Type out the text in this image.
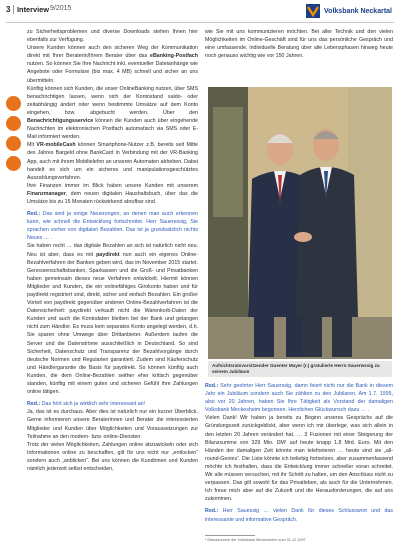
3 Interview 9/2015	Volksbank Neckartal

zu Sicherheitsproblemen und diverse Downloads stehen Ihnen hier ebenfalls zur Verfügung.

Unsere Kunden können auch den sicheren Weg der Kommunikation direkt mit Ihrer Beraterin/Ihrem Berater über das eBanking-Postfach nutzen. So können Sie Ihre Nachricht inkl. eventueller Dateianhänge wie Angebote oder Formulare (bis max. 4 MB) schnell und sicher an uns übermitteln.

Künftig können sich Kunden, die unser OnlineBanking nutzen, über SMS benachrichtigen lassen, wenn sich der Kontostand saldo- oder zeitabhängig ändert oder wenn bestimmte Umsätze auf dem Konto eingehen, bzw. abgebucht werden. Über den Benachrichtigungsservice können die Kunden auch über eingehende Nachrichten im elektronischen Postfach automatisch via SMS oder E-Mail informiert werden.

Mit VR-mobileCash können Smartphone-Nutzer z.B. bereits seit Mitte des Jahres Bargeld ohne BankCard in Verbindung mit der VR-Banking App, auch mit ihrem Mobiltelefon an unseren Automaten abheben. Dabei handelt es sich um ein sicheres und manipulationsgeschütztes Auszahlungsverfahren.

Ihre Finanzen immer im Blick haben unsere Kunden mit unserem Finanzmanager, dem neuen digitalen Haushaltsbuch, über das die Umsätze bis zu 15 Monaten rückwirkend abrufbar sind.

Red.: Das sind ja einige Neuerungen, an denen man auch erkennen kann, wie schnell die Entwicklung fortschreitet. Herr Saueressig, Sie sprachen vorher von digitalen Bezahlen. Das ist ja grundsätzlich nichts Neues … .

Sie haben recht … das digitale Bezahlen an sich ist natürlich nicht neu. Neu ist aber, dass es mit paydirekt nun auch ein eigenes Online-Bezahlverfahren der Banken geben wird, das im November 2015 startet. Genossenschaftsbanken, Sparkassen und die Groß- und Privatbanken haben gemeinsam dieses neue Verfahren entwickelt. Hiermit können Mitglieder und Kunden, die ein onlinefähiges Girokonto haben und für paydirekt registriert sind, direkt, sicher und einfach Bezahlen. Ein großer Vorteil von paydirekt gegenüber anderen Online-Bezahlverfahren ist die Datensicherheit: paydirekt verkauft nicht die Warenkorb-Daten der Kunden und auch die Kontodaten bleiben bei der Bank und gelangen nicht zum Händler. Es muss kein separates Konto angelegt werden, d.h. Sie sparen ohne Umwege über Drittanbieter. Außerdem laufen die Server und die Datenströme ausschließlich in Deutschland. So sind Sicherheit, Datenschutz und Transparenz der Bezahlvorgänge durch deutsche Normen und Regularien garantiert. Zudem sind Käuferschutz und Händlergarantie die Basis für paydirekt. So können künftig auch Kunden, die dem Online-Bezahlen seither eher kritisch gegenüber standen, künftig mit einem guten und sicheren Gefühl ihre Zahlungen online tätigen.

Red.: Das hört sich ja wirklich sehr interessant an!

Ja, das ist es durchaus. Aber dies ist natürlich nur ein kurzer Überblick. Gerne informieren unsere Beraterinnen und Berater die interessierten Mitglieder und Kunden über Möglichkeiten und Voraussetzungen zur Teilnahme an den modern- bzw. online-Diensten.

Trotz der vielen Möglichkeiten, Zahlungen online abzuwickeln oder sich Informationen online zu beschaffen, gilt für uns nicht nur „entlocken“ sondern auch „anblicken“. Bei uns können die Kundinnen und Kunden nämlich jederzeit selbst entscheiden,

wie Sie mit uns kommunizieren möchten. Bei aller Technik und den vielen Möglichkeiten im Online-Geschäft sind für uns das persönliche Gespräch und eine umfassende, individuelle Beratung über alle Lebensphasen hinweg heute noch genauso wichtig wie vor 150 Jahren.

Aufsichtsratsvorsitzender Guenter Mayer (r.) gratulierte Herrn Sauerwssig zu seinem Jubiläum

Red.: Sehr geehrter Herr Sauerssig, damn feiert nicht nur die Bank in diesem Jahr ein Jubiläum sondern auch Sie zählten zu den Jubilaren. Am 1.7. 1995, also vor 20 Jahren, haben Sie Ihre Tätigkeit als Vorstand der damaligen Volksbank Meckesheim begonnen. Herzlichen Glückwunsch dazu … .

Vielen Dank! Wir haben ja bereits zu Beginn unseres Gesprächs auf die Gründungszeit zurückgeblickt, aber wenn ich mir überlege, was sich allein in den letzten 20 Jahren verändert hat. … 3 Fusionen mit einer Steigerung der Bilanzsumme von 329 Mio. DM¹ auf heute knapp 1,8 Mrd. Euro. Mit den Händen der damaligen Zeit könnte man telefonieren … heute sind sie „all-round-Genies“. Die Liste könnte ich beliebig fortsetzen, aber zusammenfassend möchte ich festhalten, dass die Entwicklung immer schneller voran schreitet. Wir alle müssen versuchen, mit ihr Schritt zu halten, um den Anschluss nicht zu verpassen. Das gilt sowohl für das Privatleben, als auch für die Unternehmen. Ich freue mich aber auf die Zukunft und die Herausforderungen, die auf uns zukommen.

Red.: Herr Sauessig … vielen Dank für dieses Schlusswort und das interessante und informative Gespräch.

¹ Bilanzsumme der Volksbank Meckesheim zum 31.12.1997
